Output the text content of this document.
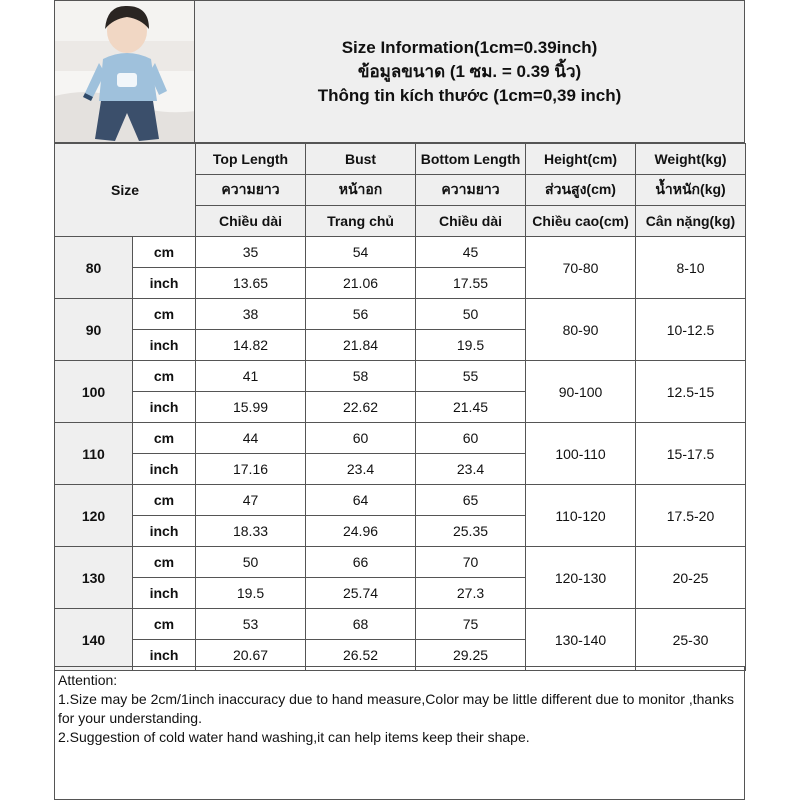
Size Information(1cm=0.39inch)
ข้อมูลขนาด (1 ซม. = 0.39 นิ้ว)
Thông tin kích thước (1cm=0,39 inch)
Size		Top Length	Bust	Bottom Length	Height(cm)	Weight(kg)
		ความยาว	หน้าอก	ความยาว	ส่วนสูง(cm)	น้ำหนัก(kg)
		Chiều dài	Trang chủ	Chiều dài	Chiều cao(cm)	Cân nặng(kg)
80	cm	35	54	45	70-80	8-10
	inch	13.65	21.06	17.55		
90	cm	38	56	50	80-90	10-12.5
	inch	14.82	21.84	19.5		
100	cm	41	58	55	90-100	12.5-15
	inch	15.99	22.62	21.45		
110	cm	44	60	60	100-110	15-17.5
	inch	17.16	23.4	23.4		
120	cm	47	64	65	110-120	17.5-20
	inch	18.33	24.96	25.35		
130	cm	50	66	70	120-130	20-25
	inch	19.5	25.74	27.3		
140	cm	53	68	75	130-140	25-30
	inch	20.67	26.52	29.25		
Attention:
1.Size may be 2cm/1inch inaccuracy due to hand measure,Color may be little different due to monitor ,thanks for your understanding.
2.Suggestion of cold water hand washing,it can help items keep their shape.
